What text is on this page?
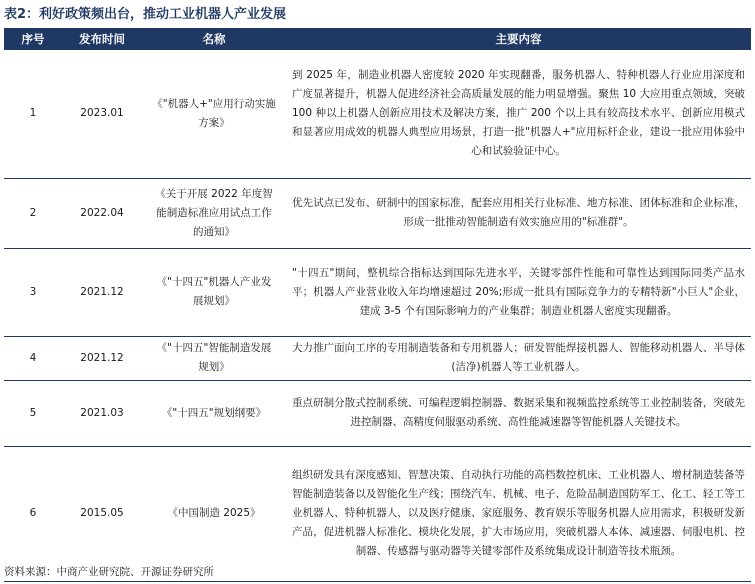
表2：利好政策频出台，推动工业机器人产业发展
序号	发布时间	名称	主要内容
1	2023.01	《"机器人+"应用行动实施方案》	到 2025 年，制造业机器人密度较 2020 年实现翻番，服务机器人、特种机器人行业应用深度和广度显著提升，机器人促进经济社会高质量发展的能力明显增强。聚焦 10 大应用重点领域，突破 100 种以上机器人创新应用技术及解决方案，推广 200 个以上具有较高技术水平、创新应用模式和显著应用成效的机器人典型应用场景，打造一批"机器人+"应用标杆企业，建设一批应用体验中心和试验验证中心。
2	2022.04	《关于开展 2022 年度智能制造标准应用试点工作的通知》	优先试点已发布、研制中的国家标准，配套应用相关行业标准、地方标准、团体标准和企业标准，形成一批推动智能制造有效实施应用的"标准群"。
3	2021.12	《"十四五"机器人产业发展规划》	"十四五"期间，整机综合指标达到国际先进水平，关键零部件性能和可靠性达到国际同类产品水平；机器人产业营业收入年均增速超过 20%;形成一批具有国际竞争力的专精特新"小巨人"企业，建成 3-5 个有国际影响力的产业集群；制造业机器人密度实现翻番。
4	2021.12	《"十四五"智能制造发展规划》	大力推广面向工序的专用制造装备和专用机器人；研发智能焊接机器人、智能移动机器人、半导体(洁净)机器人等工业机器人。
5	2021.03	《"十四五"规划纲要》	重点研制分散式控制系统、可编程逻辑控制器、数据采集和视频监控系统等工业控制装备，突破先进控制器、高精度伺服驱动系统、高性能减速器等智能机器人关键技术。
6	2015.05	《中国制造 2025》	组织研发具有深度感知、智慧决策、自动执行功能的高档数控机床、工业机器人、增材制造装备等智能制造装备以及智能化生产线；围绕汽车、机械、电子、危险品制造国防军工、化工、轻工等工业机器人、特种机器人，以及医疗健康、家庭服务、教育娱乐等服务机器人应用需求，积极研发新产品，促进机器人标准化、模块化发展，扩大市场应用，突破机器人本体、减速器、伺服电机、控制器、传感器与驱动器等关键零部件及系统集成设计制造等技术瓶颈。
资料来源：中商产业研究院、开源证券研究所
